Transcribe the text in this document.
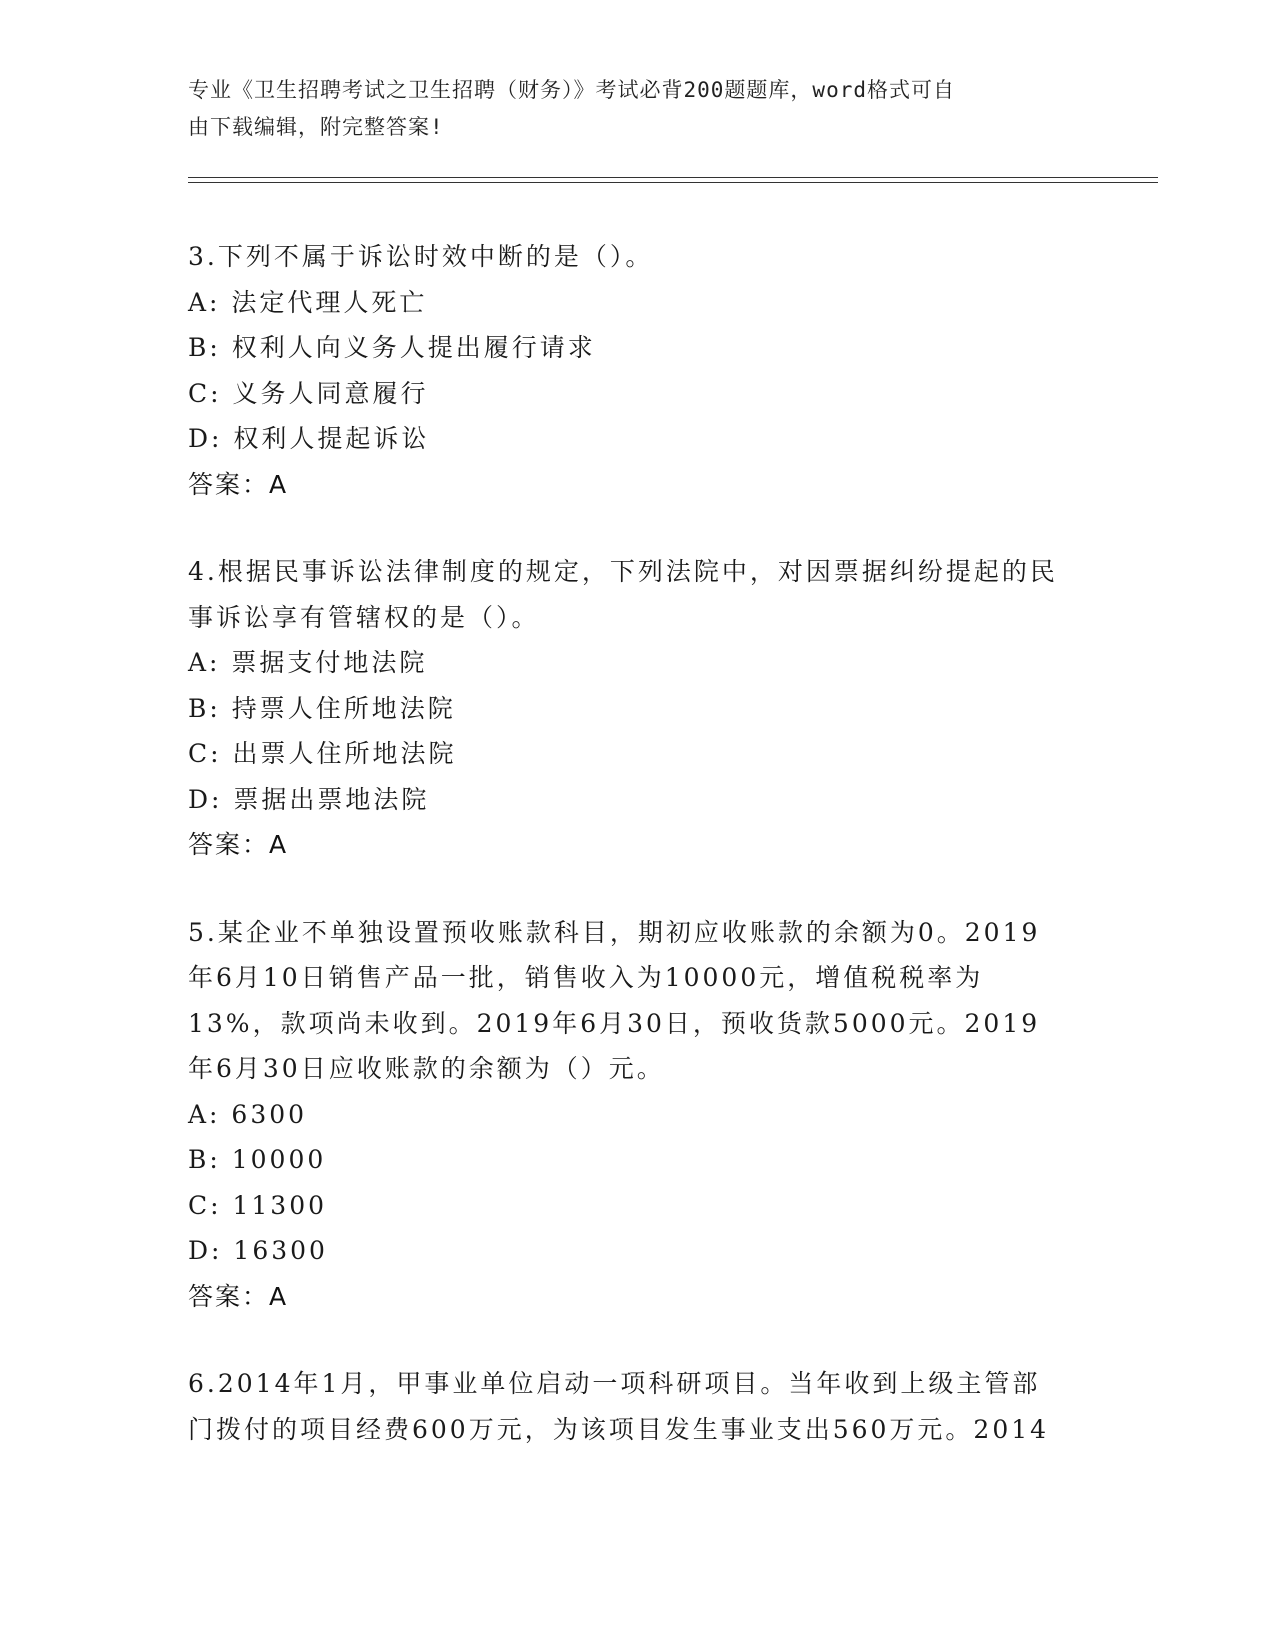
专业《卫生招聘考试之卫生招聘（财务）》考试必背200题题库，word格式可自
由下载编辑，附完整答案!
3.下列不属于诉讼时效中断的是（）。
A: 法定代理人死亡
B: 权利人向义务人提出履行请求
C: 义务人同意履行
D: 权利人提起诉讼
答案：A
4.根据民事诉讼法律制度的规定，下列法院中，对因票据纠纷提起的民事诉讼享有管辖权的是（）。
A: 票据支付地法院
B: 持票人住所地法院
C: 出票人住所地法院
D: 票据出票地法院
答案：A
5.某企业不单独设置预收账款科目，期初应收账款的余额为0。2019年6月10日销售产品一批，销售收入为10000元，增值税税率为13%，款项尚未收到。2019年6月30日，预收货款5000元。2019年6月30日应收账款的余额为（）元。
A: 6300
B: 10000
C: 11300
D: 16300
答案：A
6.2014年1月，甲事业单位启动一项科研项目。当年收到上级主管部门拨付的项目经费600万元，为该项目发生事业支出560万元。2014
